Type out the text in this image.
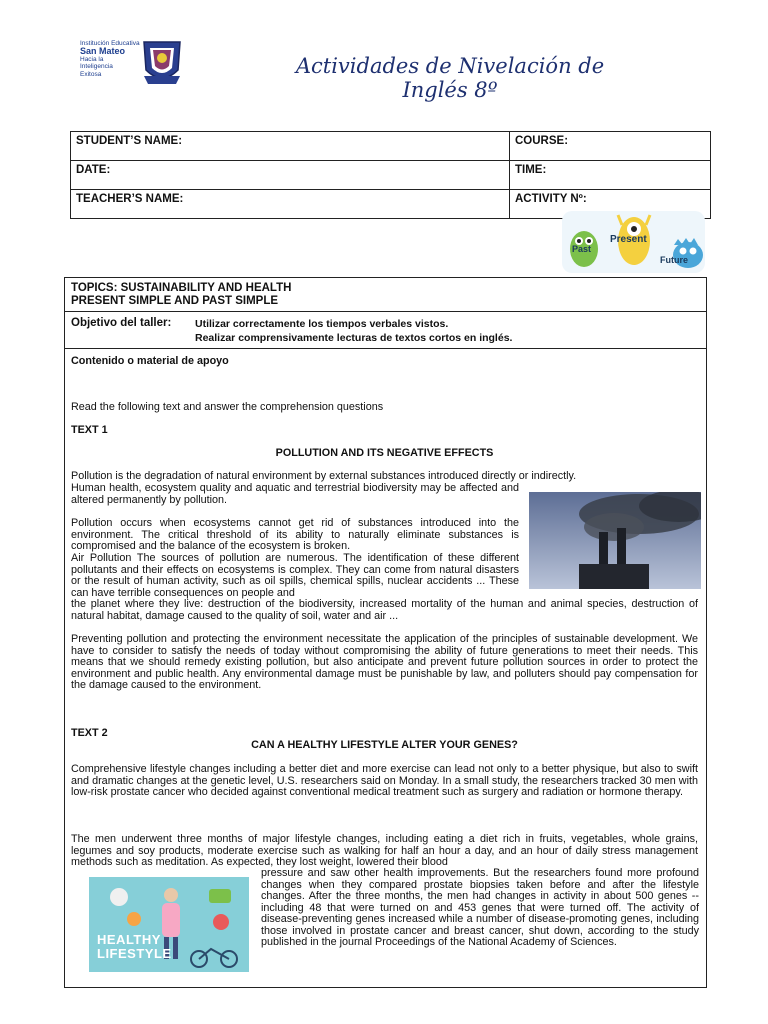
Institución Educativa
San Mateo
Hacia la
Inteligencia
Exitosa	Actividades de Nivelación de
Inglés 8º
STUDENT’S NAME:	COURSE:
DATE:	TIME:
TEACHER’S NAME:	ACTIVITY Nº:
Past
Present
Future
TOPICS: SUSTAINABILITY AND HEALTH
PRESENT SIMPLE AND PAST SIMPLE
Objetivo del taller: Utilizar correctamente los tiempos verbales vistos.
Realizar comprensivamente lecturas de textos cortos en inglés.

Contenido o material de apoyo

Read the following text and answer the comprehension questions

TEXT 1

POLLUTION AND ITS NEGATIVE EFFECTS

Pollution is the degradation of natural environment by external substances introduced directly or indirectly.

Human health, ecosystem quality and aquatic and terrestrial biodiversity may be affected and altered permanently by pollution.

Pollution occurs when ecosystems cannot get rid of substances introduced into the environment. The critical threshold of its ability to naturally eliminate substances is compromised and the balance of the ecosystem is broken.

Air Pollution The sources of pollution are numerous. The identification of these different pollutants and their effects on ecosystems is complex. They can come from natural disasters or the result of human activity, such as oil spills, chemical spills, nuclear accidents ... These can have terrible consequences on people and

the planet where they live: destruction of the biodiversity, increased mortality of the human and animal species, destruction of natural habitat, damage caused to the quality of soil, water and air ...

Preventing pollution and protecting the environment necessitate the application of the principles of sustainable development. We have to consider to satisfy the needs of today without compromising the ability of future generations to meet their needs. This means that we should remedy existing pollution, but also anticipate and prevent future pollution sources in order to protect the environment and public health. Any environmental damage must be punishable by law, and polluters should pay compensation for the damage caused to the environment.

TEXT 2

CAN A HEALTHY LIFESTYLE ALTER YOUR GENES?

Comprehensive lifestyle changes including a better diet and more exercise can lead not only to a better physique, but also to swift and dramatic changes at the genetic level, U.S. researchers said on Monday. In a small study, the researchers tracked 30 men with low-risk prostate cancer who decided against conventional medical treatment such as surgery and radiation or hormone therapy.

The men underwent three months of major lifestyle changes, including eating a diet rich in fruits, vegetables, whole grains, legumes and soy products, moderate exercise such as walking for half an hour a day, and an hour of daily stress management methods such as meditation. As expected, they lost weight, lowered their blood

pressure and saw other health improvements. But the researchers found more profound changes when they compared prostate biopsies taken before and after the lifestyle changes. After the three months, the men had changes in activity in about 500 genes -- including 48 that were turned on and 453 genes that were turned off. The activity of disease-preventing genes increased while a number of disease-promoting genes, including those involved in prostate cancer and breast cancer, shut down, according to the study published in the journal Proceedings of the National Academy of Sciences.

HEALTHY
LIFESTYLE
